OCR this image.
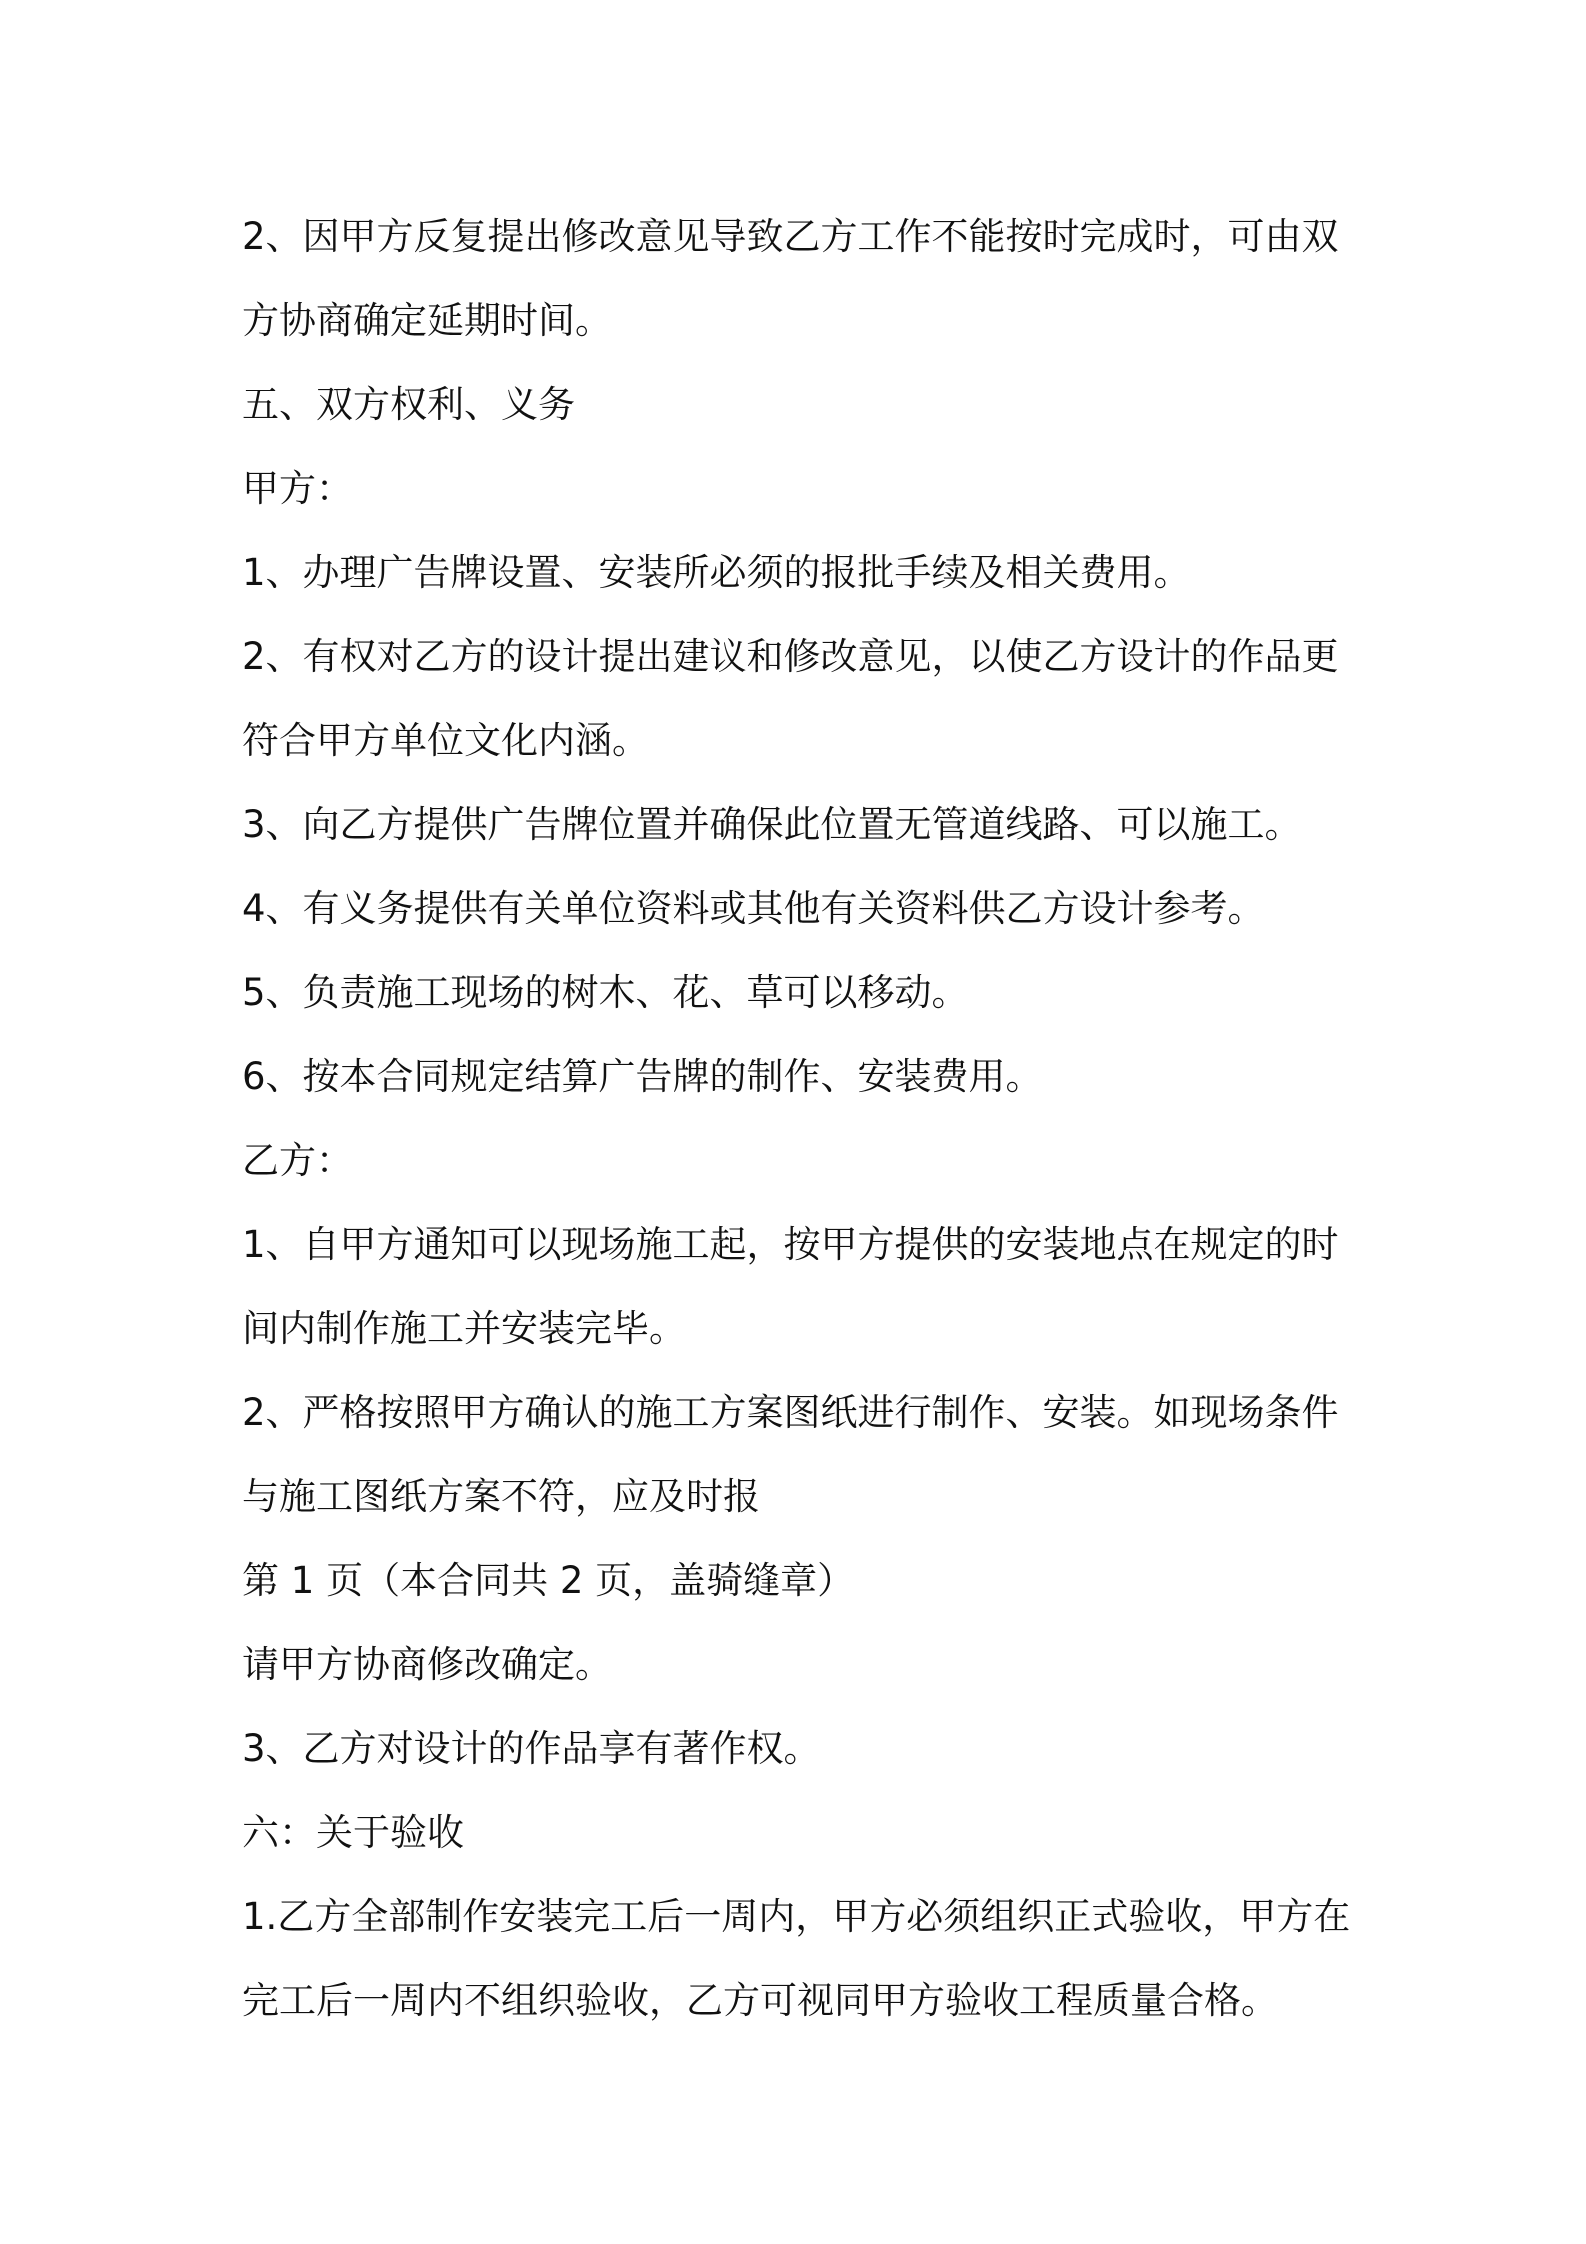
2、因甲方反复提出修改意见导致乙方工作不能按时完成时，可由双

方协商确定延期时间。

五、双方权利、义务

甲方：

1、办理广告牌设置、安装所必须的报批手续及相关费用。

2、有权对乙方的设计提出建议和修改意见，以使乙方设计的作品更

符合甲方单位文化内涵。

3、向乙方提供广告牌位置并确保此位置无管道线路、可以施工。

4、有义务提供有关单位资料或其他有关资料供乙方设计参考。

5、负责施工现场的树木、花、草可以移动。

6、按本合同规定结算广告牌的制作、安装费用。

乙方：

1、自甲方通知可以现场施工起，按甲方提供的安装地点在规定的时

间内制作施工并安装完毕。

2、严格按照甲方确认的施工方案图纸进行制作、安装。如现场条件

与施工图纸方案不符，应及时报

第 1 页（本合同共 2 页，盖骑缝章）

请甲方协商修改确定。

3、乙方对设计的作品享有著作权。

六：关于验收

1.乙方全部制作安装完工后一周内，甲方必须组织正式验收，甲方在

完工后一周内不组织验收，乙方可视同甲方验收工程质量合格。
